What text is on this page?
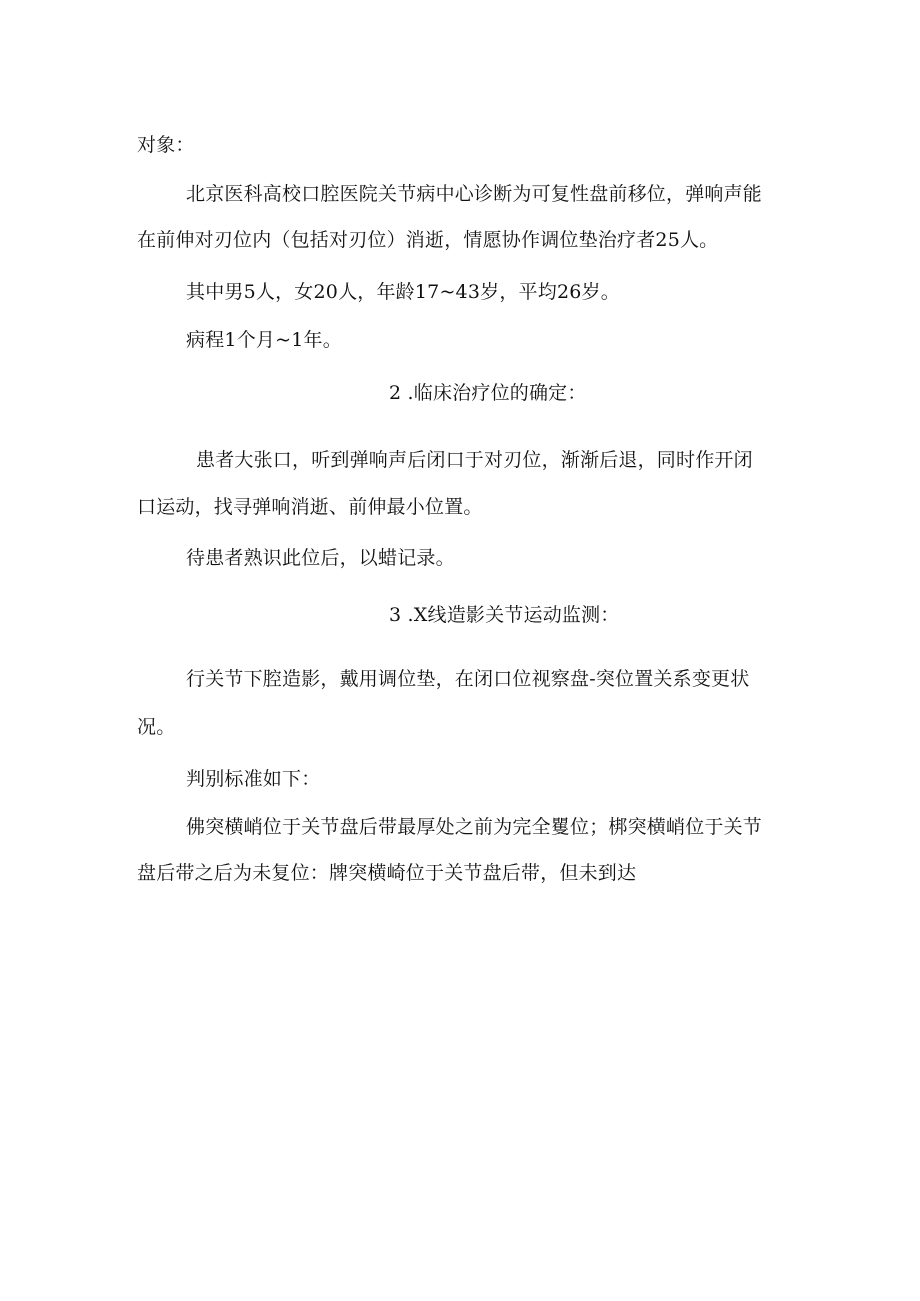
对象：
北京医科高校口腔医院关节病中心诊断为可复性盘前移位，弹响声能
在前伸对刃位内（包括对刃位）消逝，情愿协作调位垫治疗者25人。
其中男5人，女20人，年龄17~43岁，平均26岁。
病程1个月~1年。
2 .临床治疗位的确定：
患者大张口，听到弹响声后闭口于对刃位，渐渐后退，同时作开闭
口运动，找寻弹响消逝、前伸最小位置。
待患者熟识此位后，以蜡记录。
3 .X线造影关节运动监测：
行关节下腔造影，戴用调位垫，在闭口位视察盘-突位置关系变更状
况。
判别标准如下：
佛突横峭位于关节盘后带最厚处之前为完全矍位；梆突横峭位于关节
盘后带之后为未复位：牌突横崎位于关节盘后带，但未到达
